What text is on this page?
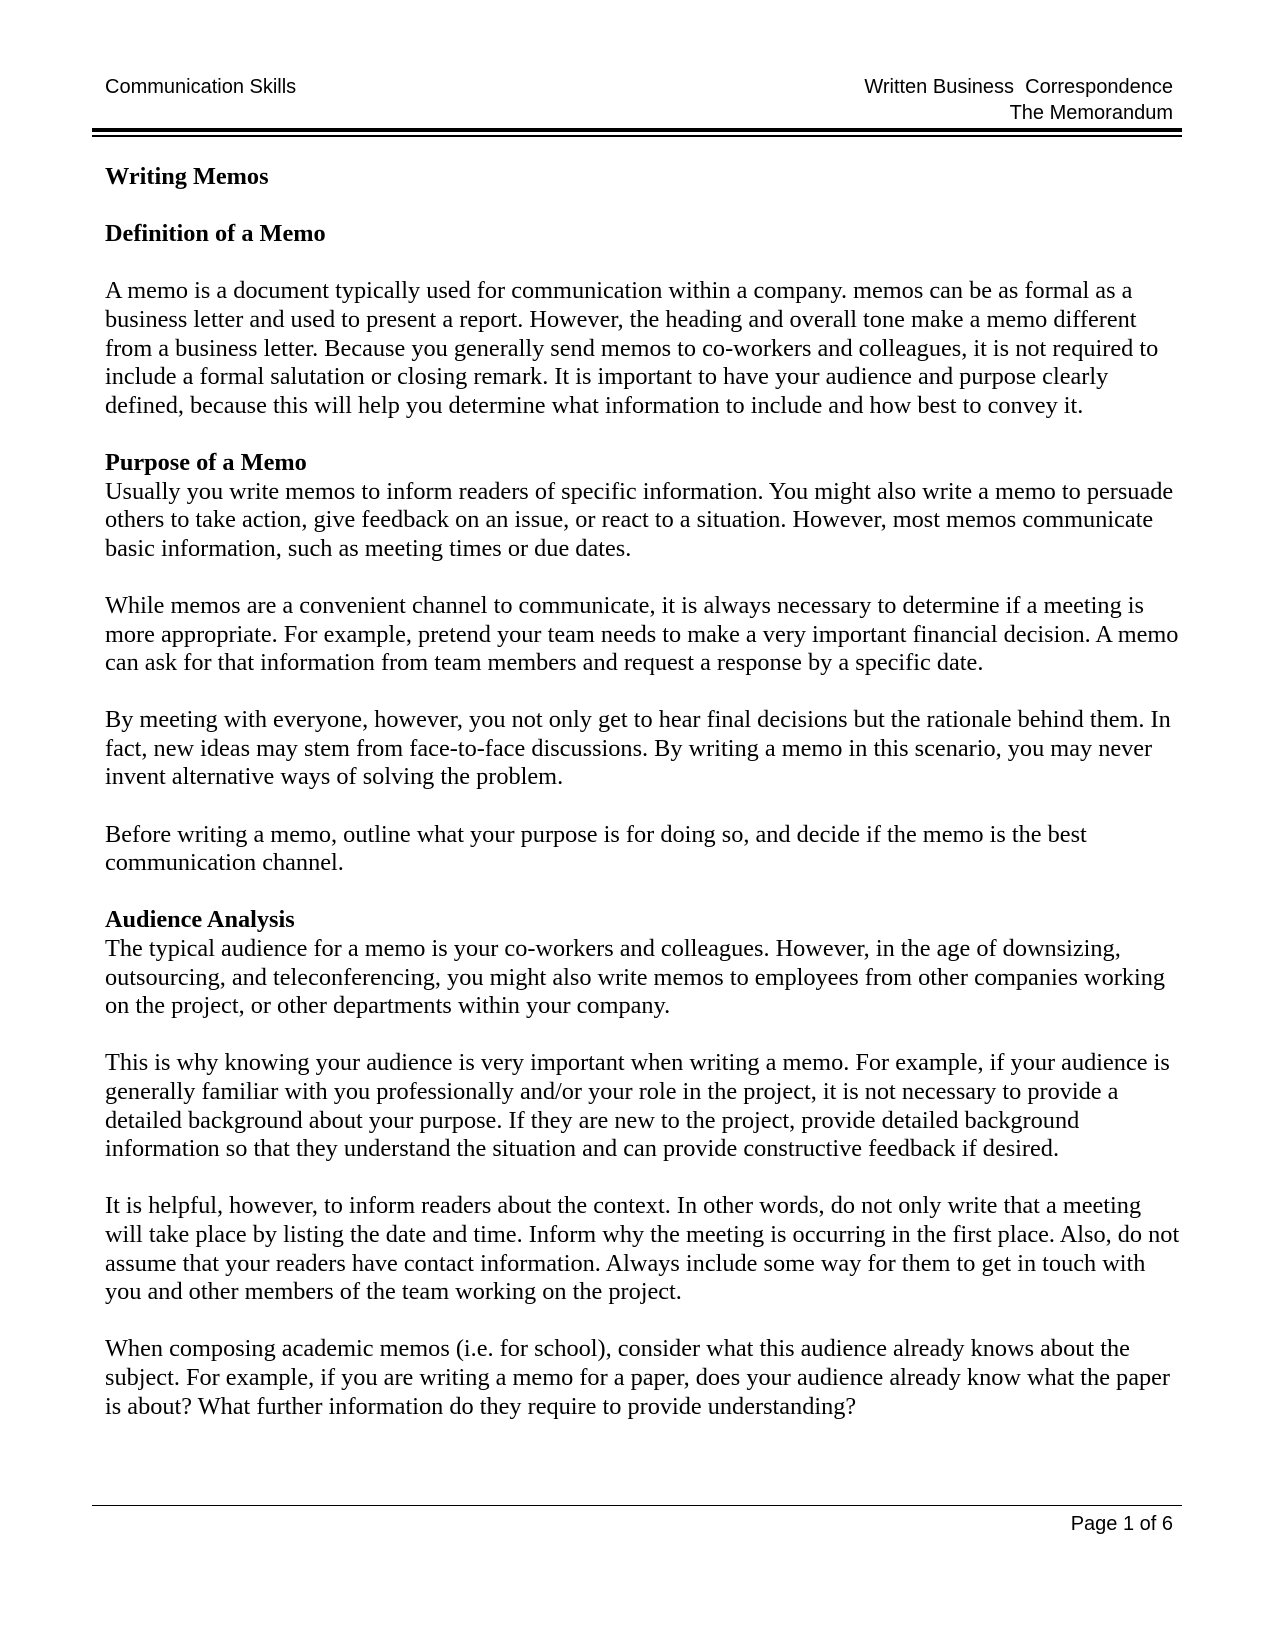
Communication Skills	Written Business  Correspondence
The Memorandum
Writing Memos
Definition of a Memo

A memo is a document typically used for communication within a company. memos can be as formal as a business letter and used to present a report. However, the heading and overall tone make a memo different from a business letter. Because you generally send memos to co-workers and colleagues, it is not required to include a formal salutation or closing remark. It is important to have your audience and purpose clearly defined, because this will help you determine what information to include and how best to convey it.

Purpose of a Memo

Usually you write memos to inform readers of specific information. You might also write a memo to persuade others to take action, give feedback on an issue, or react to a situation. However, most memos communicate basic information, such as meeting times or due dates.

While memos are a convenient channel to communicate, it is always necessary to determine if a meeting is more appropriate. For example, pretend your team needs to make a very important financial decision. A memo can ask for that information from team members and request a response by a specific date.

By meeting with everyone, however, you not only get to hear final decisions but the rationale behind them. In fact, new ideas may stem from face-to-face discussions. By writing a memo in this scenario, you may never invent alternative ways of solving the problem.

Before writing a memo, outline what your purpose is for doing so, and decide if the memo is the best communication channel.

Audience Analysis

The typical audience for a memo is your co-workers and colleagues. However, in the age of downsizing, outsourcing, and teleconferencing, you might also write memos to employees from other companies working on the project, or other departments within your company.

This is why knowing your audience is very important when writing a memo. For example, if your audience is generally familiar with you professionally and/or your role in the project, it is not necessary to provide a detailed background about your purpose. If they are new to the project, provide detailed background information so that they understand the situation and can provide constructive feedback if desired.

It is helpful, however, to inform readers about the context. In other words, do not only write that a meeting will take place by listing the date and time. Inform why the meeting is occurring in the first place. Also, do not assume that your readers have contact information. Always include some way for them to get in touch with you and other members of the team working on the project.

When composing academic memos (i.e. for school), consider what this audience already knows about the subject. For example, if you are writing a memo for a paper, does your audience already know what the paper is about? What further information do they require to provide understanding?

Page 1 of 6
